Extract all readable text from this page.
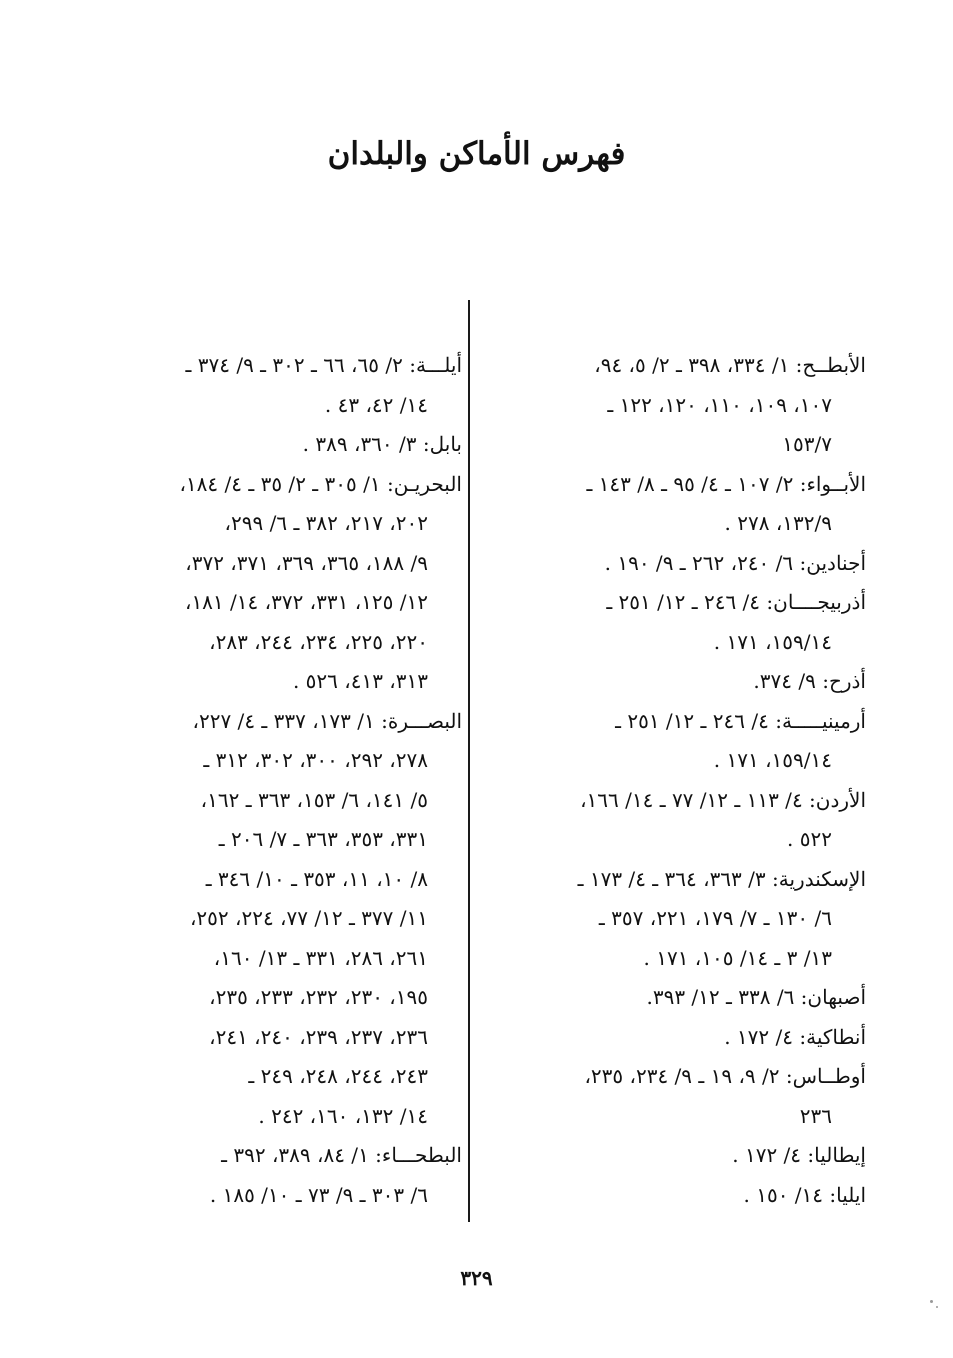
فهرس الأماكن والبلدان
الأبطــح: ١/ ٣٣٤، ٣٩٨ ـ ٢/ ٥، ٩٤،
١٠٧، ١٠٩، ١١٠، ١٢٠، ١٢٢ ـ
١٥٣/٧
الأبــواء: ٢/ ١٠٧ ـ ٤/ ٩٥ ـ ٨/ ١٤٣ ـ
١٣٢/٩، ٢٧٨ .
أجنادين: ٦/ ٢٤٠، ٢٦٢ ـ ٩/ ١٩٠ .
أذربيجــــان: ٤/ ٢٤٦ ـ ١٢/ ٢٥١ ـ
١٥٩/١٤، ١٧١ .
أذرح: ٩/ ٣٧٤.
أرمينيـــــة: ٤/ ٢٤٦ ـ ١٢/ ٢٥١ ـ
١٥٩/١٤، ١٧١ .
الأردن: ٤/ ١١٣ ـ ١٢/ ٧٧ ـ ١٤/ ١٦٦،
٥٢٢ .
الإسكندرية: ٣/ ٣٦٣، ٣٦٤ ـ ٤/ ١٧٣ ـ
٦/ ١٣٠ ـ ٧/ ١٧٩، ٢٢١، ٣٥٧ ـ
١٣/ ٣ ـ ١٤/ ١٠٥، ١٧١ .
أصبهان: ٦/ ٣٣٨ ـ ١٢/ ٣٩٣.
أنطاكية: ٤/ ١٧٢ .
أوطــاس: ٢/ ٩، ١٩ ـ ٩/ ٢٣٤، ٢٣٥،
٢٣٦
إيطاليا: ٤/ ١٧٢ .
ايليا: ١٤/ ١٥٠ .
أيلـــة: ٢/ ٦٥، ٦٦ ـ ٣٠٢ ـ ٩/ ٣٧٤ ـ
١٤/ ٤٢، ٤٣ .
بابل: ٣/ ٣٦٠، ٣٨٩ .
البحريـن: ١/ ٣٠٥ ـ ٢/ ٣٥ ـ ٤/ ١٨٤،
٢٠٢، ٢١٧، ٣٨٢ ـ ٦/ ٢٩٩،
٩/ ١٨٨، ٣٦٥، ٣٦٩، ٣٧١، ٣٧٢،
١٢/ ١٢٥، ٣٣١، ٣٧٢، ١٤/ ١٨١،
٢٢٠، ٢٢٥، ٢٣٤، ٢٤٤، ٢٨٣،
٣١٣، ٤١٣، ٥٢٦ .
البصـــرة: ١/ ١٧٣، ٣٣٧ ـ ٤/ ٢٢٧،
٢٧٨، ٢٩٢، ٣٠٠، ٣٠٢، ٣١٢ ـ
٥/ ١٤١، ٦/ ١٥٣، ٣٦٣ ـ ١٦٢،
٣٣١، ٣٥٣، ٣٦٣ ـ ٧/ ٢٠٦ ـ
٨/ ١٠، ١١، ٣٥٣ ـ ١٠/ ٣٤٦ ـ
١١/ ٣٧٧ ـ ١٢/ ٧٧، ٢٢٤، ٢٥٢،
٢٦١، ٢٨٦، ٣٣١ ـ ١٣/ ١٦٠،
١٩٥، ٢٣٠، ٢٣٢، ٢٣٣، ٢٣٥،
٢٣٦، ٢٣٧، ٢٣٩، ٢٤٠، ٢٤١،
٢٤٣، ٢٤٤، ٢٤٨، ٢٤٩ ـ
١٤/ ١٣٢، ١٦٠، ٢٤٢ .
البطحـــاء: ١/ ٨٤، ٣٨٩، ٣٩٢ ـ
٦/ ٣٠٣ ـ ٩/ ٧٣ ـ ١٠/ ١٨٥ .
٣٢٩
